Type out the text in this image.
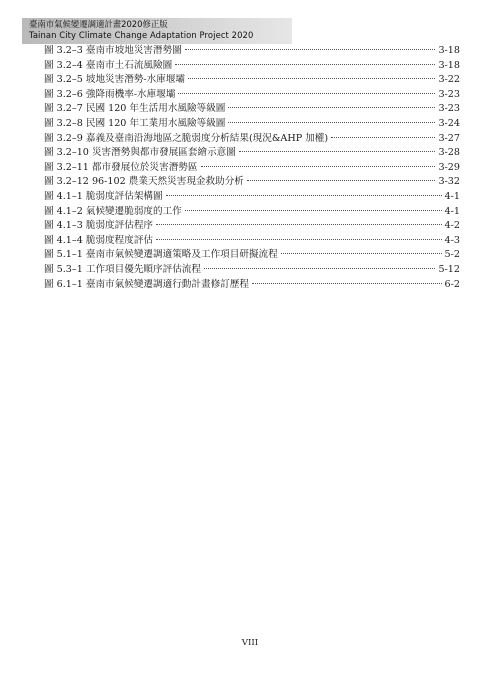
臺南市氣候變遷調適計畫2020修正版
Tainan City Climate Change Adaptation Project 2020
圖 3.2–3 臺南市坡地災害潛勢圖	3-18
圖 3.2–4 臺南市土石流風險圖	3-18
圖 3.2–5 坡地災害潛勢-水庫堰壩	3-22
圖 3.2–6 強降雨機率-水庫堰壩	3-23
圖 3.2–7 民國 120 年生活用水風險等級圖	3-23
圖 3.2–8 民國 120 年工業用水風險等級圖	3-24
圖 3.2–9 嘉義及臺南沿海地區之脆弱度分析結果(現況&AHP 加權)	3-27
圖 3.2–10 災害潛勢與都市發展區套繪示意圖	3-28
圖 3.2–11 都市發展位於災害潛勢區	3-29
圖 3.2–12 96-102 農業天然災害現金救助分析	3-32
圖 4.1–1 脆弱度評估架構圖	4-1
圖 4.1–2 氣候變遷脆弱度的工作	4-1
圖 4.1–3 脆弱度評估程序	4-2
圖 4.1–4 脆弱度程度評估	4-3
圖 5.1–1 臺南市氣候變遷調適策略及工作項目研擬流程	5-2
圖 5.3–1 工作項目優先順序評估流程	5-12
圖 6.1–1 臺南市氣候變遷調適行動計畫修訂歷程	6-2
VIII
